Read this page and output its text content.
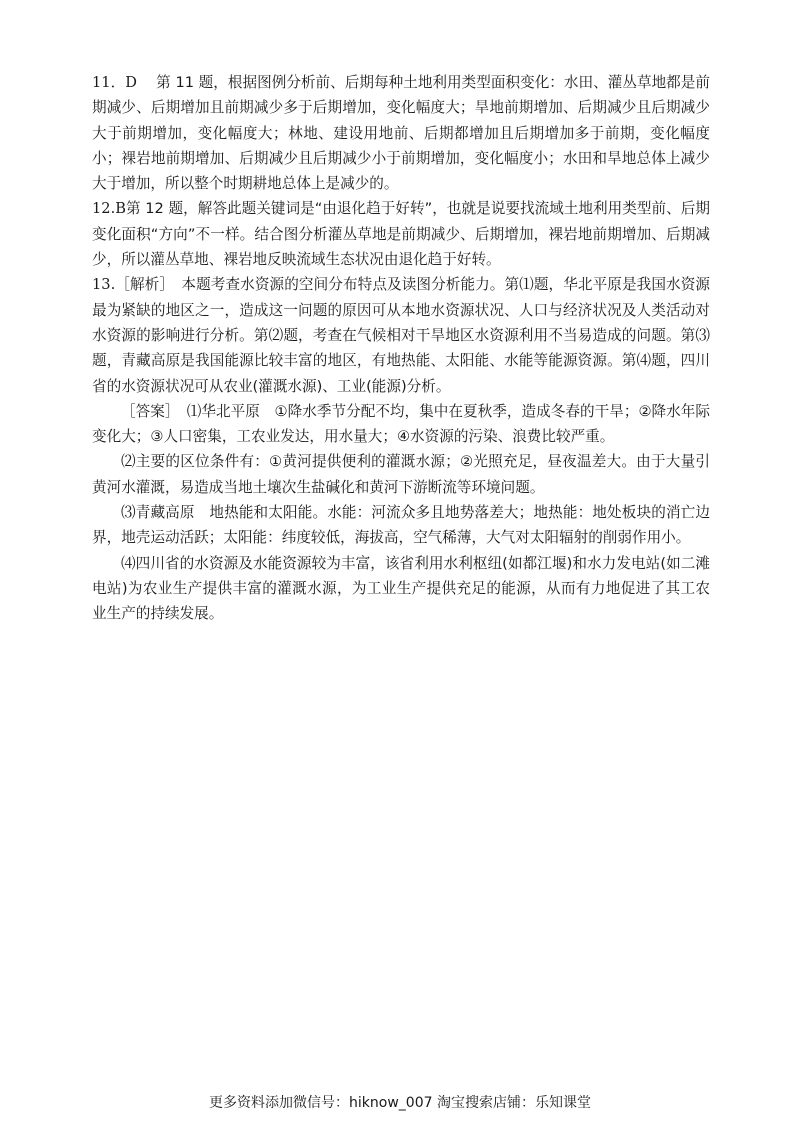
11．D　 第 11 题，根据图例分析前、后期每种土地利用类型面积变化：水田、灌丛草地都是前期减少、后期增加且前期减少多于后期增加，变化幅度大；旱地前期增加、后期减少且后期减少大于前期增加，变化幅度大；林地、建设用地前、后期都增加且后期增加多于前期，变化幅度小；裸岩地前期增加、后期减少且后期减少小于前期增加，变化幅度小；水田和旱地总体上减少大于增加，所以整个时期耕地总体上是减少的。

12.B第 12 题，解答此题关键词是“由退化趋于好转”，也就是说要找流域土地利用类型前、后期变化面积“方向”不一样。结合图分析灌丛草地是前期减少、后期增加，裸岩地前期增加、后期减少，所以灌丛草地、裸岩地反映流域生态状况由退化趋于好转。

13.［解析］　本题考查水资源的空间分布特点及读图分析能力。第⑴题，华北平原是我国水资源最为紧缺的地区之一，造成这一问题的原因可从本地水资源状况、人口与经济状况及人类活动对水资源的影响进行分析。第⑵题，考查在气候相对干旱地区水资源利用不当易造成的问题。第⑶题，青藏高原是我国能源比较丰富的地区，有地热能、太阳能、水能等能源资源。第⑷题，四川省的水资源状况可从农业(灌溉水源)、工业(能源)分析。

［答案］　⑴华北平原　①降水季节分配不均，集中在夏秋季，造成冬春的干旱；②降水年际变化大；③人口密集，工农业发达，用水量大；④水资源的污染、浪费比较严重。

⑵主要的区位条件有：①黄河提供便利的灌溉水源；②光照充足，昼夜温差大。由于大量引黄河水灌溉，易造成当地土壤次生盐碱化和黄河下游断流等环境问题。

⑶青藏高原　地热能和太阳能。水能：河流众多且地势落差大；地热能：地处板块的消亡边界，地壳运动活跃；太阳能：纬度较低，海拔高，空气稀薄，大气对太阳辐射的削弱作用小。

⑷四川省的水资源及水能资源较为丰富，该省利用水利枢纽(如都江堰)和水力发电站(如二滩电站)为农业生产提供丰富的灌溉水源，为工业生产提供充足的能源，从而有力地促进了其工农业生产的持续发展。

更多资料添加微信号：hiknow_007 淘宝搜索店铺：乐知课堂
